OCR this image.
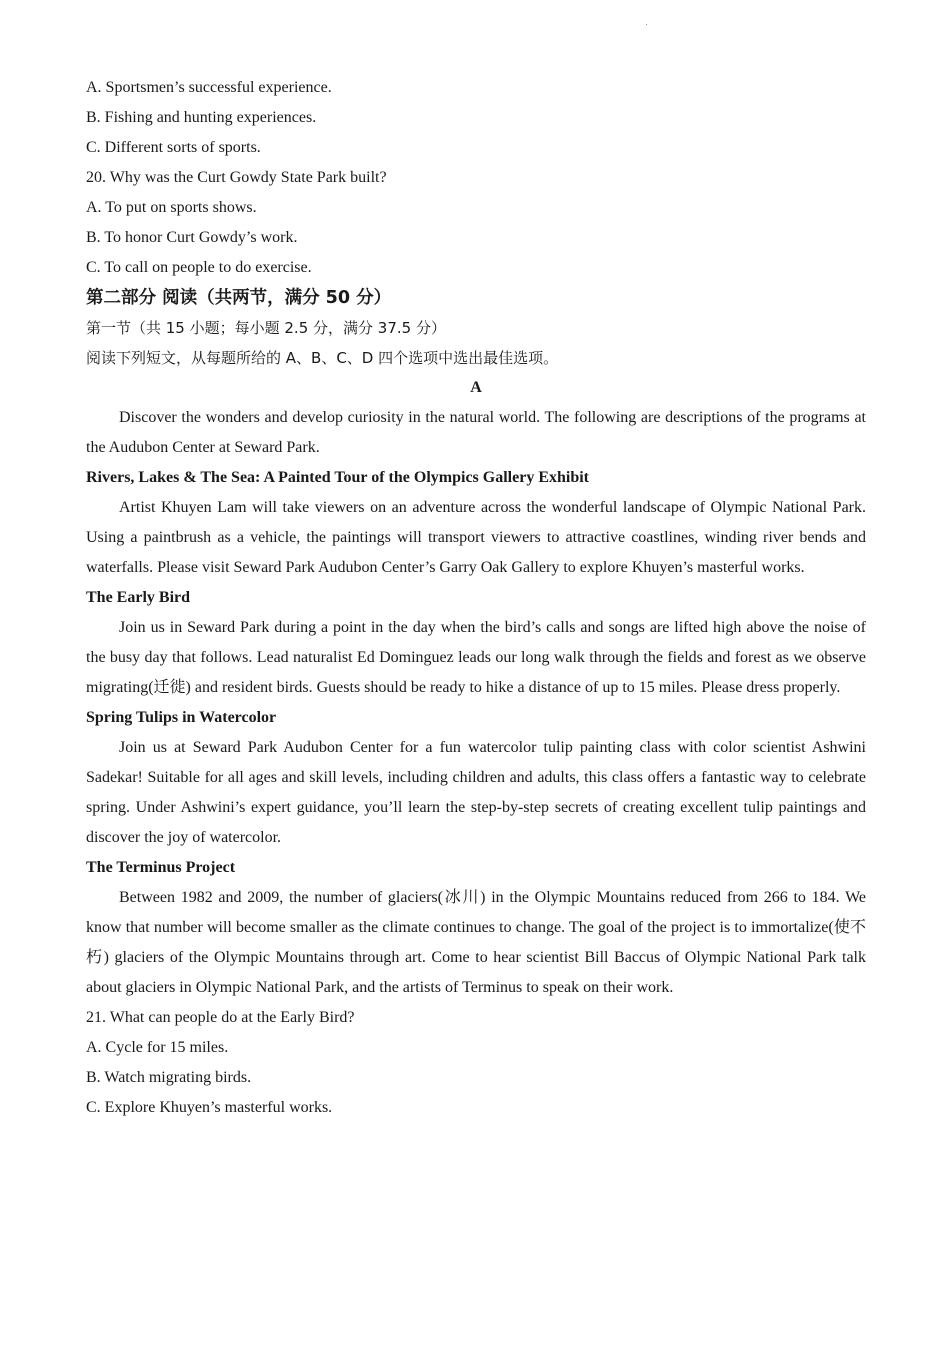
A. Sportsmen’s successful experience.
B. Fishing and hunting experiences.
C. Different sorts of sports.
20. Why was the Curt Gowdy State Park built?
A. To put on sports shows.
B. To honor Curt Gowdy’s work.
C. To call on people to do exercise.
第二部分 阅读（共两节，满分 50 分）
第一节（共 15 小题；每小题 2.5 分，满分 37.5 分）
阅读下列短文，从每题所给的 A、B、C、D 四个选项中选出最佳选项。
A
Discover the wonders and develop curiosity in the natural world. The following are descriptions of the programs at the Audubon Center at Seward Park.
Rivers, Lakes & The Sea: A Painted Tour of the Olympics Gallery Exhibit
Artist Khuyen Lam will take viewers on an adventure across the wonderful landscape of Olympic National Park. Using a paintbrush as a vehicle, the paintings will transport viewers to attractive coastlines, winding river bends and waterfalls. Please visit Seward Park Audubon Center’s Garry Oak Gallery to explore Khuyen’s masterful works.
The Early Bird
Join us in Seward Park during a point in the day when the bird’s calls and songs are lifted high above the noise of the busy day that follows. Lead naturalist Ed Dominguez leads our long walk through the fields and forest as we observe migrating(迁徙) and resident birds. Guests should be ready to hike a distance of up to 15 miles. Please dress properly.
Spring Tulips in Watercolor
Join us at Seward Park Audubon Center for a fun watercolor tulip painting class with color scientist Ashwini Sadekar! Suitable for all ages and skill levels, including children and adults, this class offers a fantastic way to celebrate spring. Under Ashwini’s expert guidance, you’ll learn the step-by-step secrets of creating excellent tulip paintings and discover the joy of watercolor.
The Terminus Project
Between 1982 and 2009, the number of glaciers(冰川) in the Olympic Mountains reduced from 266 to 184. We know that number will become smaller as the climate continues to change. The goal of the project is to immortalize(使不朽) glaciers of the Olympic Mountains through art. Come to hear scientist Bill Baccus of Olympic National Park talk about glaciers in Olympic National Park, and the artists of Terminus to speak on their work.
21. What can people do at the Early Bird?
A. Cycle for 15 miles.
B. Watch migrating birds.
C. Explore Khuyen’s masterful works.
